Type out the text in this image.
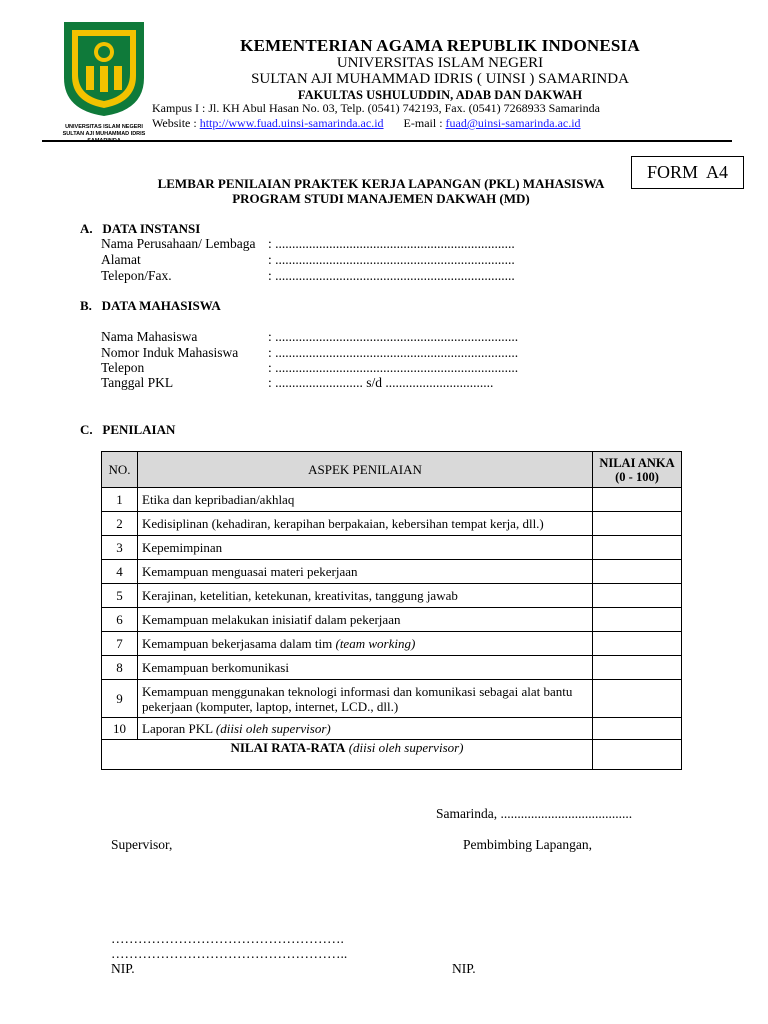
UNIVERSITAS ISLAM NEGERI
SULTAN AJI MUHAMMAD IDRIS
SAMARINDA
KEMENTERIAN AGAMA REPUBLIK INDONESIA
UNIVERSITAS ISLAM NEGERI
SULTAN AJI MUHAMMAD IDRIS ( UINSI ) SAMARINDA
FAKULTAS USHULUDDIN, ADAB DAN DAKWAH
Kampus I : Jl. KH Abul Hasan No. 03, Telp. (0541) 742193, Fax. (0541) 7268933 Samarinda
Website : http://www.fuad.uinsi-samarinda.ac.id E-mail : fuad@uinsi-samarinda.ac.id
FORM  A4
LEMBAR PENILAIAN PRAKTEK KERJA LAPANGAN (PKL) MAHASISWA
PROGRAM STUDI MANAJEMEN DAKWAH (MD)
A.   DATA INSTANSI
Nama Perusahaan/ Lembaga : .......................................................................
Alamat	: .......................................................................
Telepon/Fax.	: .......................................................................
B.   DATA MAHASISWA
Nama Mahasiswa	: ........................................................................
Nomor Induk Mahasiswa : ........................................................................
Telepon	: ........................................................................
Tanggal PKL	: .......................... s/d ................................
C.   PENILAIAN
NO.	ASPEK PENILAIAN	NILAI ANKA
(0 - 100)

1	Etika dan kepribadian/akhlaq	
2	Kedisiplinan (kehadiran, kerapihan berpakaian, kebersihan tempat kerja, dll.)	
3	Kepemimpinan	
4	Kemampuan menguasai materi pekerjaan	
5	Kerajinan, ketelitian, ketekunan, kreativitas, tanggung jawab	
6	Kemampuan melakukan inisiatif dalam pekerjaan	
7	Kemampuan bekerjasama dalam tim (team working)	
8	Kemampuan berkomunikasi	
9	Kemampuan menggunakan teknologi informasi dan komunikasi sebagai alat bantu pekerjaan (komputer, laptop, internet, LCD., dll.)	
10	Laporan PKL (diisi oleh supervisor)	
NILAI RATA-RATA (diisi oleh supervisor)		
Samarinda, .......................................
Supervisor,	Pembimbing Lapangan,
…………………………………………….
……………………………………………..
NIP.	NIP.
